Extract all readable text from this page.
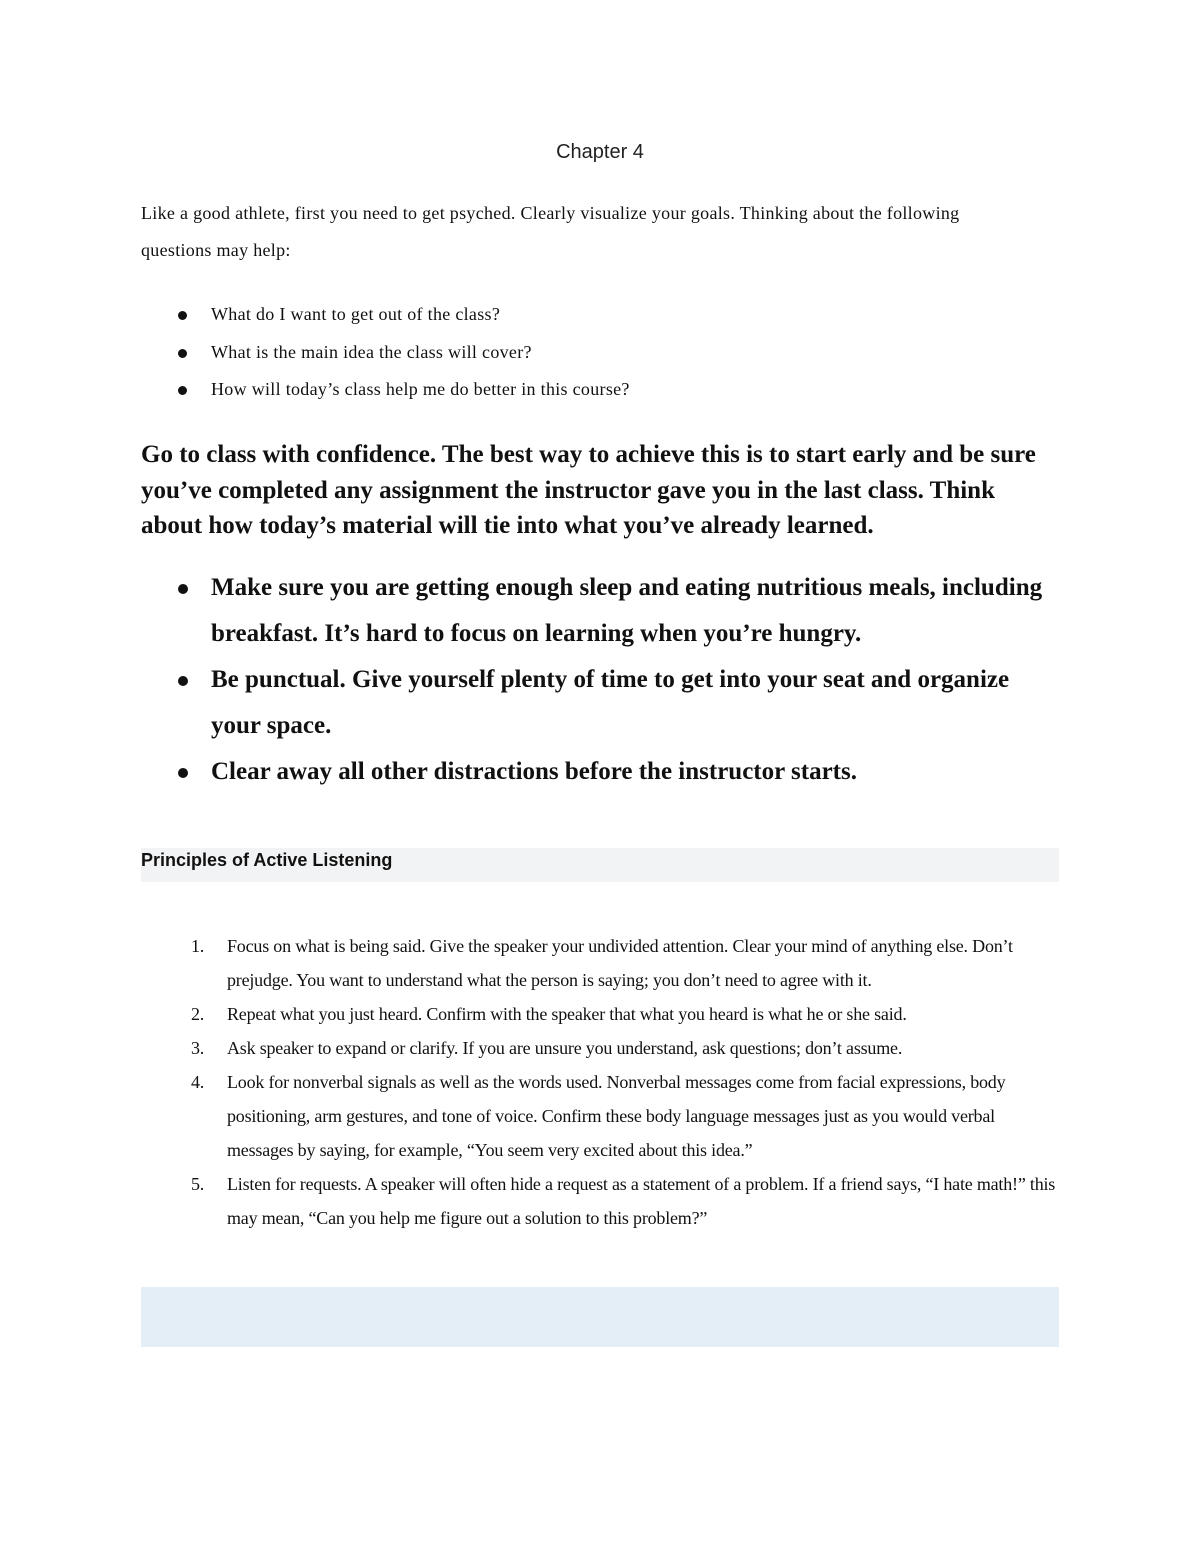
Chapter 4
Like a good athlete, first you need to get psyched. Clearly visualize your goals. Thinking about the following questions may help:
What do I want to get out of the class?
What is the main idea the class will cover?
How will today’s class help me do better in this course?
Go to class with confidence. The best way to achieve this is to start early and be sure you’ve completed any assignment the instructor gave you in the last class. Think about how today’s material will tie into what you’ve already learned.
Make sure you are getting enough sleep and eating nutritious meals, including breakfast. It’s hard to focus on learning when you’re hungry.
Be punctual. Give yourself plenty of time to get into your seat and organize your space.
Clear away all other distractions before the instructor starts.
Principles of Active Listening
1. Focus on what is being said. Give the speaker your undivided attention. Clear your mind of anything else. Don’t prejudge. You want to understand what the person is saying; you don’t need to agree with it.
2. Repeat what you just heard. Confirm with the speaker that what you heard is what he or she said.
3. Ask speaker to expand or clarify. If you are unsure you understand, ask questions; don’t assume.
4. Look for nonverbal signals as well as the words used. Nonverbal messages come from facial expressions, body positioning, arm gestures, and tone of voice. Confirm these body language messages just as you would verbal messages by saying, for example, “You seem very excited about this idea.”
5. Listen for requests. A speaker will often hide a request as a statement of a problem. If a friend says, “I hate math!” this may mean, “Can you help me figure out a solution to this problem?”
